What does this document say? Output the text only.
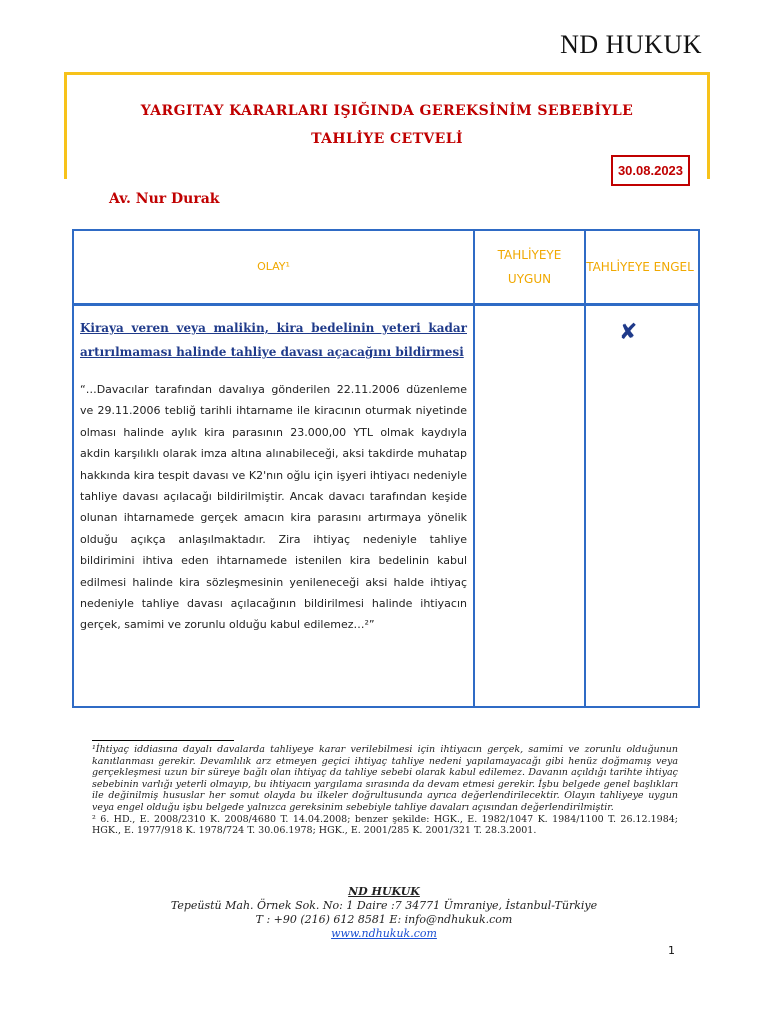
ND HUKUK
YARGITAY KARARLARI IŞIĞINDA GEREKSİNİM SEBEBİYLE
TAHLİYE CETVELİ
30.08.2023
Av. Nur Durak
OLAY¹
TAHLİYEYE UYGUN
TAHLİYEYE ENGEL
Kiraya veren veya malikin, kira bedelinin yeteri kadar artırılmaması halinde tahliye davası açacağını bildirmesi
“…Davacılar tarafından davalıya gönderilen 22.11.2006 düzenleme ve 29.11.2006 tebliğ tarihli ihtarname ile kiracının oturmak niyetinde olması halinde aylık kira parasının 23.000,00 YTL olmak kaydıyla akdin karşılıklı olarak imza altına alınabileceği, aksi takdirde muhatap hakkında kira tespit davası ve K2'nın oğlu için işyeri ihtiyacı nedeniyle tahliye davası açılacağı bildirilmiştir. Ancak davacı tarafından keşide olunan ihtarnamede gerçek amacın kira parasını artırmaya yönelik olduğu açıkça anlaşılmaktadır. Zira ihtiyaç nedeniyle tahliye bildirimini ihtiva eden ihtarnamede istenilen kira bedelinin kabul edilmesi halinde kira sözleşmesinin yenileneceği aksi halde ihtiyaç nedeniyle tahliye davası açılacağının bildirilmesi halinde ihtiyacın gerçek, samimi ve zorunlu olduğu kabul edilemez…²”
✘
¹İhtiyaç iddiasına dayalı davalarda tahliyeye karar verilebilmesi için ihtiyacın gerçek, samimi ve zorunlu olduğunun kanıtlanması gerekir. Devamlılık arz etmeyen geçici ihtiyaç tahliye nedeni yapılamayacağı gibi henüz doğmamış veya gerçekleşmesi uzun bir süreye bağlı olan ihtiyaç da tahliye sebebi olarak kabul edilemez. Davanın açıldığı tarihte ihtiyaç sebebinin varlığı yeterli olmayıp, bu ihtiyacın yargılama sırasında da devam etmesi gerekir. İşbu belgede genel başlıkları ile değinilmiş hususlar her somut olayda bu ilkeler doğrultusunda ayrıca değerlendirilecektir. Olayın tahliyeye uygun veya engel olduğu işbu belgede yalnızca gereksinim sebebiyle tahliye davaları açısından değerlendirilmiştir.
² 6. HD., E. 2008/2310 K. 2008/4680 T. 14.04.2008; benzer şekilde: HGK., E. 1982/1047 K. 1984/1100 T. 26.12.1984; HGK., E. 1977/918 K. 1978/724 T. 30.06.1978; HGK., E. 2001/285 K. 2001/321 T. 28.3.2001.
ND HUKUK
Tepeüstü Mah. Örnek Sok. No: 1 Daire :7 34771 Ümraniye, İstanbul-Türkiye
T : +90 (216) 612 8581 E: info@ndhukuk.com
www.ndhukuk.com
1
